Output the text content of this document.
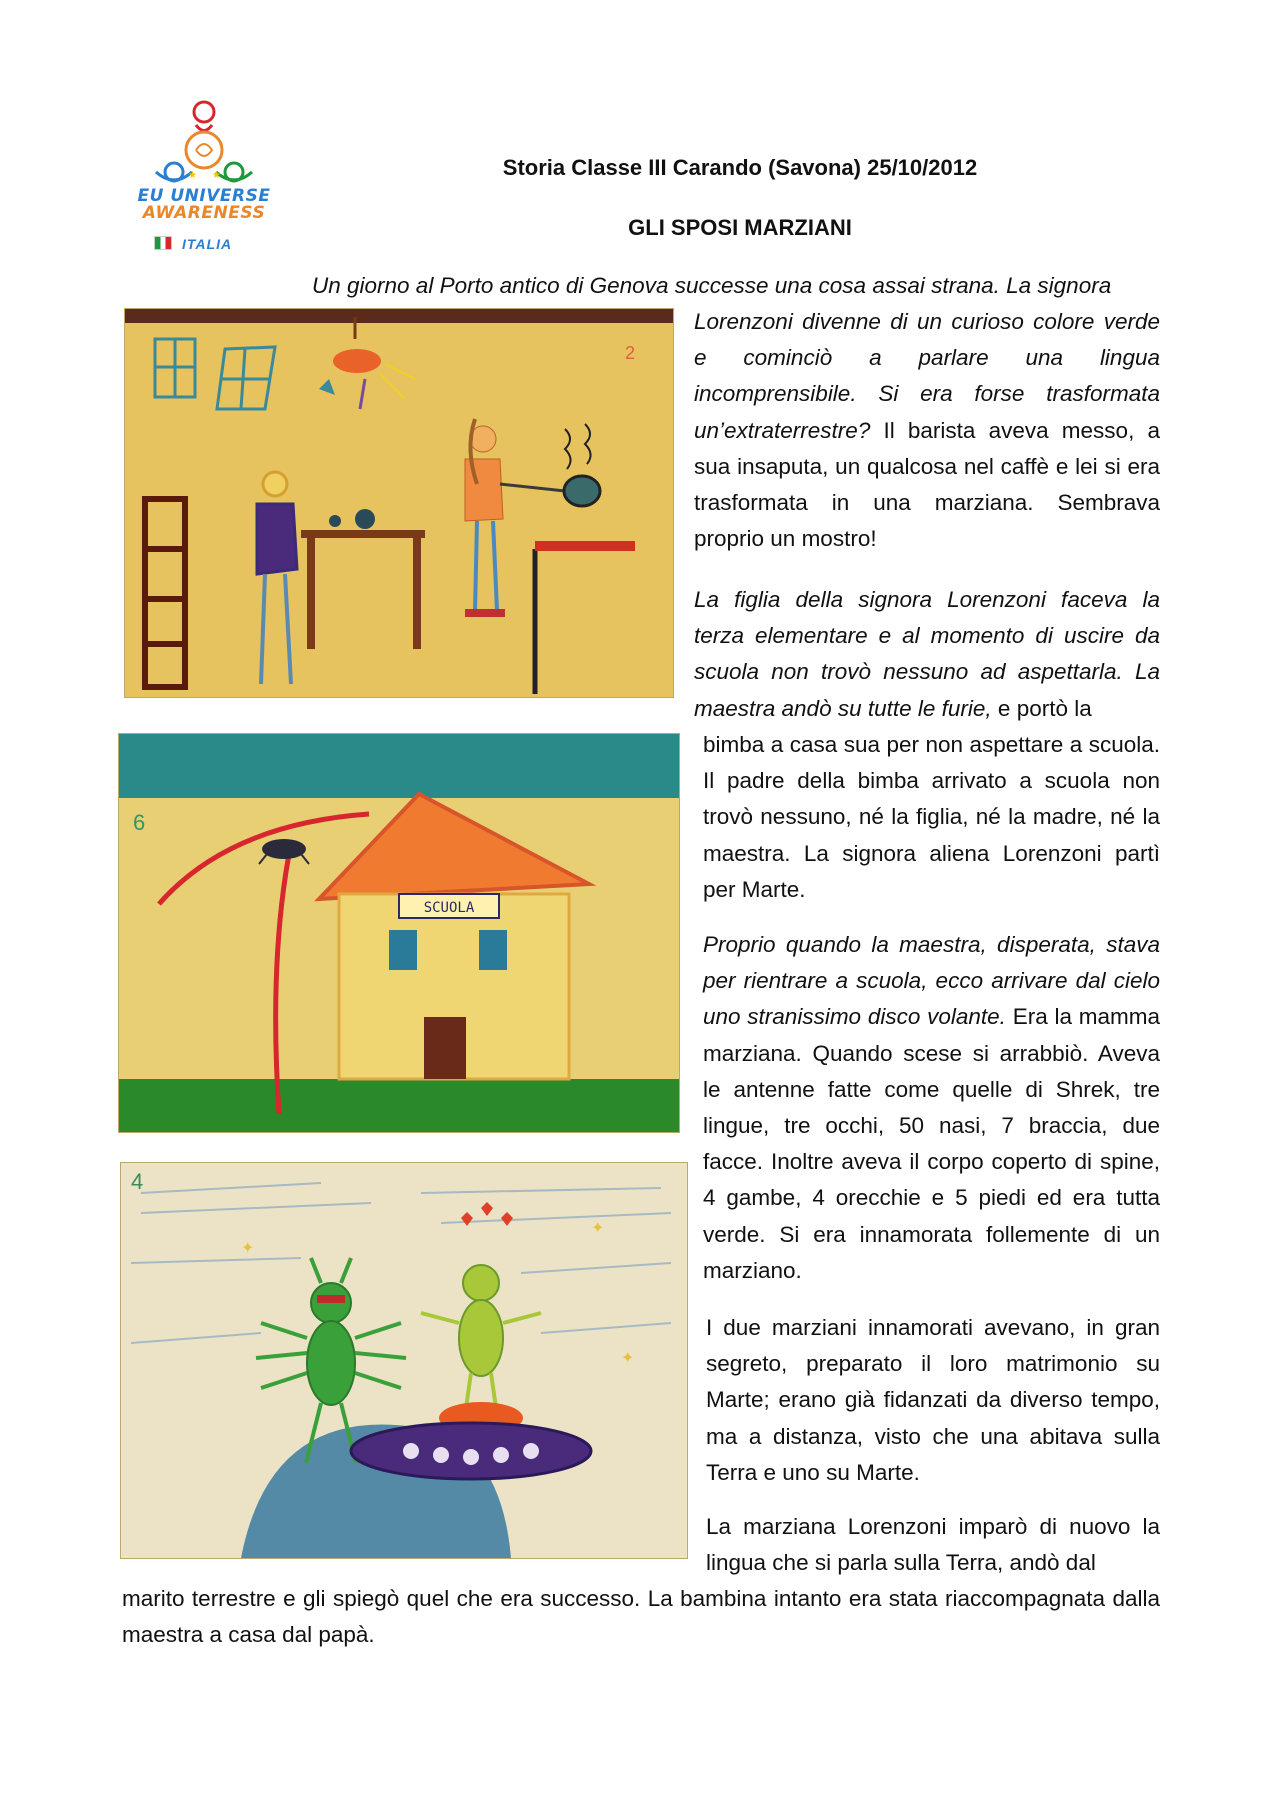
★ ★
EU UNIVERSE
AWARENESS
ITALIA
Storia Classe III Carando (Savona) 25/10/2012
GLI SPOSI MARZIANI
Un giorno al Porto antico di Genova successe una cosa assai strana. La signora
Lorenzoni divenne di un curioso colore verde e cominciò a parlare una lingua incomprensibile. Si era forse trasformata un’extraterrestre? Il barista aveva messo, a sua insaputa, un qualcosa nel caffè e lei si era trasformata in una marziana. Sembrava proprio un mostro!
La figlia della signora Lorenzoni faceva la terza elementare e al momento di uscire da scuola non trovò nessuno ad aspettarla. La maestra andò su tutte le furie, e portò la
bimba a casa sua per non aspettare a scuola. Il padre della bimba arrivato a scuola non trovò nessuno, né la figlia, né la madre, né la maestra. La signora aliena Lorenzoni partì per Marte.
Proprio quando la maestra, disperata, stava per rientrare a scuola, ecco arrivare dal cielo uno stranissimo disco volante. Era la mamma marziana. Quando scese si arrabbiò. Aveva le antenne fatte come quelle di Shrek, tre lingue, tre occhi, 50 nasi, 7 braccia, due facce. Inoltre aveva il corpo coperto di spine, 4 gambe, 4 orecchie e 5 piedi ed era tutta verde. Si era innamorata follemente di un marziano.
I due marziani innamorati avevano, in gran segreto, preparato il loro matrimonio su Marte; erano già fidanzati da diverso tempo, ma a distanza, visto che una abitava sulla Terra e uno su Marte.
La marziana Lorenzoni imparò di nuovo la lingua che si parla sulla Terra, andò dal
marito terrestre e gli spiegò quel che era successo. La bambina intanto era stata riaccompagnata dalla maestra a casa dal papà.
2
SCUOLA
6
✦
✦
✦
4
